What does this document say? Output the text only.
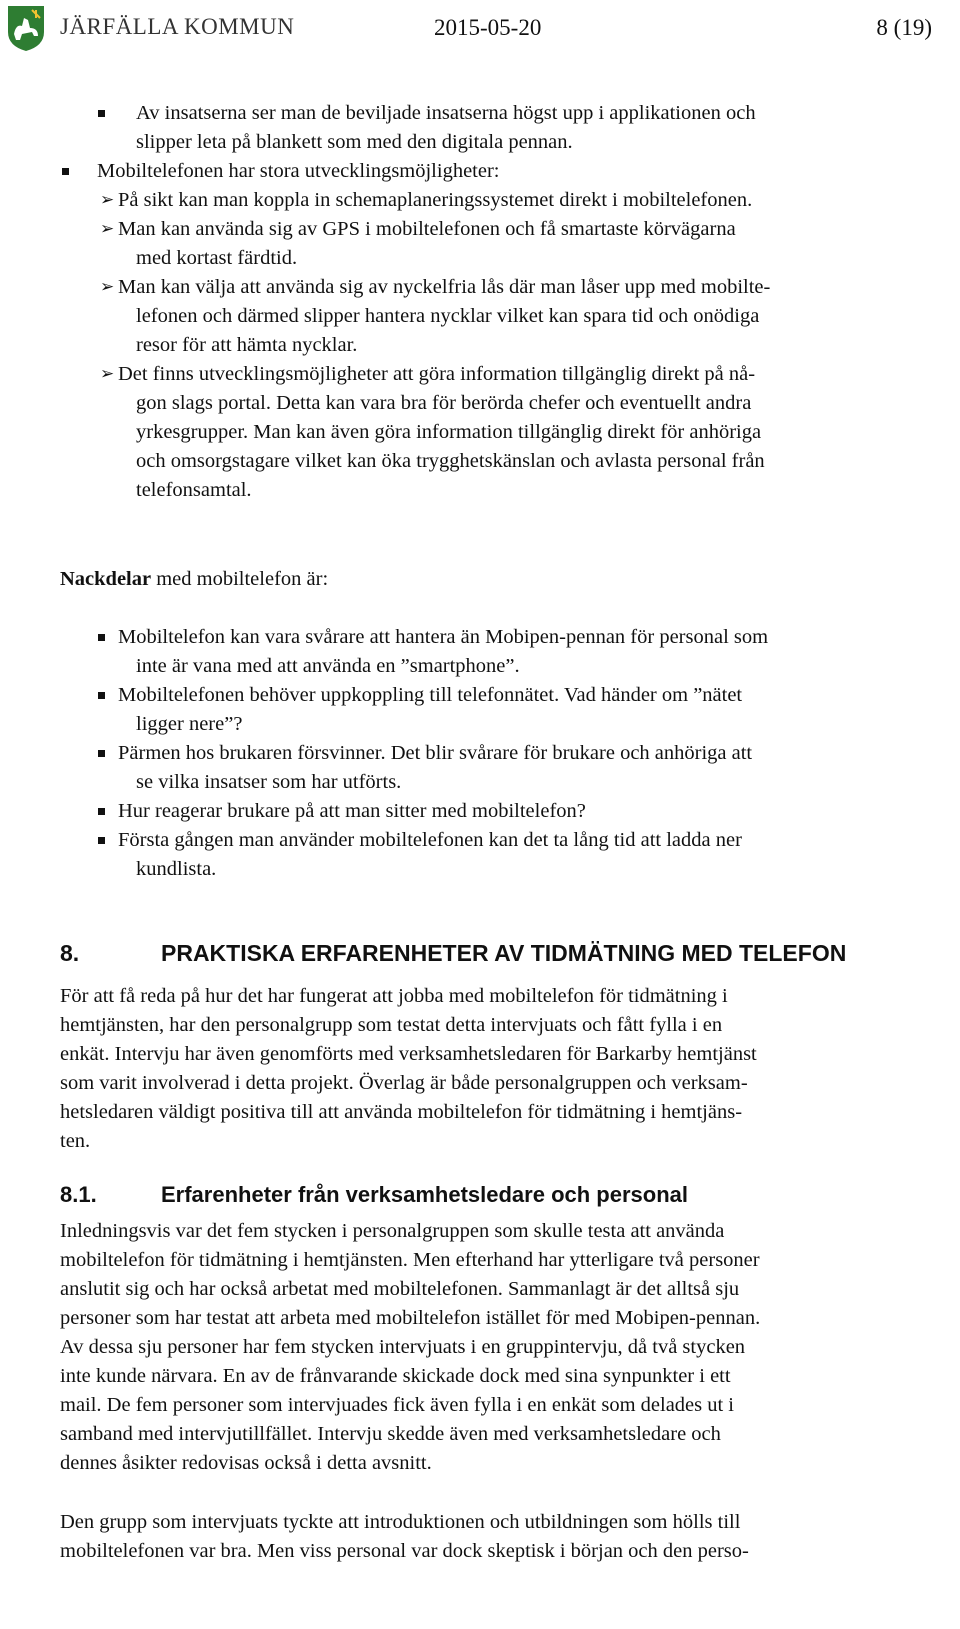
JÄRFÄLLA KOMMUN	2015-05-20	8 (19)

Av insatserna ser man de beviljade insatserna högst upp i applikationen och

slipper leta på blankett som med den digitala pennan.

Mobiltelefonen har stora utvecklingsmöjligheter:

➢ På sikt kan man koppla in schemaplaneringssystemet direkt i mobiltelefonen.

➢ Man kan använda sig av GPS i mobiltelefonen och få smartaste körvägarna

med kortast färdtid.

➢ Man kan välja att använda sig av nyckelfria lås där man låser upp med mobilte-

lefonen och därmed slipper hantera nycklar vilket kan spara tid och onödiga

resor för att hämta nycklar.

➢ Det finns utvecklingsmöjligheter att göra information tillgänglig direkt på nå-

gon slags portal. Detta kan vara bra för berörda chefer och eventuellt andra

yrkesgrupper. Man kan även göra information tillgänglig direkt för anhöriga

och omsorgstagare vilket kan öka trygghetskänslan och avlasta personal från

telefonsamtal.

Nackdelar med mobiltelefon är:

Mobiltelefon kan vara svårare att hantera än Mobipen-pennan för personal som

inte är vana med att använda en ”smartphone”.

Mobiltelefonen behöver uppkoppling till telefonnätet. Vad händer om ”nätet

ligger nere”?

Pärmen hos brukaren försvinner. Det blir svårare för brukare och anhöriga att

se vilka insatser som har utförts.

Hur reagerar brukare på att man sitter med mobiltelefon?

Första gången man använder mobiltelefonen kan det ta lång tid att ladda ner

kundlista.

8.	PRAKTISKA ERFARENHETER AV TIDMÄTNING MED TELEFON

För att få reda på hur det har fungerat att jobba med mobiltelefon för tidmätning i

hemtjänsten, har den personalgrupp som testat detta intervjuats och fått fylla i en

enkät. Intervju har även genomförts med verksamhetsledaren för Barkarby hemtjänst

som varit involverad i detta projekt. Överlag är både personalgruppen och verksam-

hetsledaren väldigt positiva till att använda mobiltelefon för tidmätning i hemtjäns-

ten.

8.1.	Erfarenheter från verksamhetsledare och personal

Inledningsvis var det fem stycken i personalgruppen som skulle testa att använda

mobiltelefon för tidmätning i hemtjänsten. Men efterhand har ytterligare två personer

anslutit sig och har också arbetat med mobiltelefonen. Sammanlagt är det alltså sju

personer som har testat att arbeta med mobiltelefon istället för med Mobipen-pennan.

Av dessa sju personer har fem stycken intervjuats i en gruppintervju, då två stycken

inte kunde närvara. En av de frånvarande skickade dock med sina synpunkter i ett

mail. De fem personer som intervjuades fick även fylla i en enkät som delades ut i

samband med intervjutillfället. Intervju skedde även med verksamhetsledare och

dennes åsikter redovisas också i detta avsnitt.

Den grupp som intervjuats tyckte att introduktionen och utbildningen som hölls till

mobiltelefonen var bra. Men viss personal var dock skeptisk i början och den perso-
